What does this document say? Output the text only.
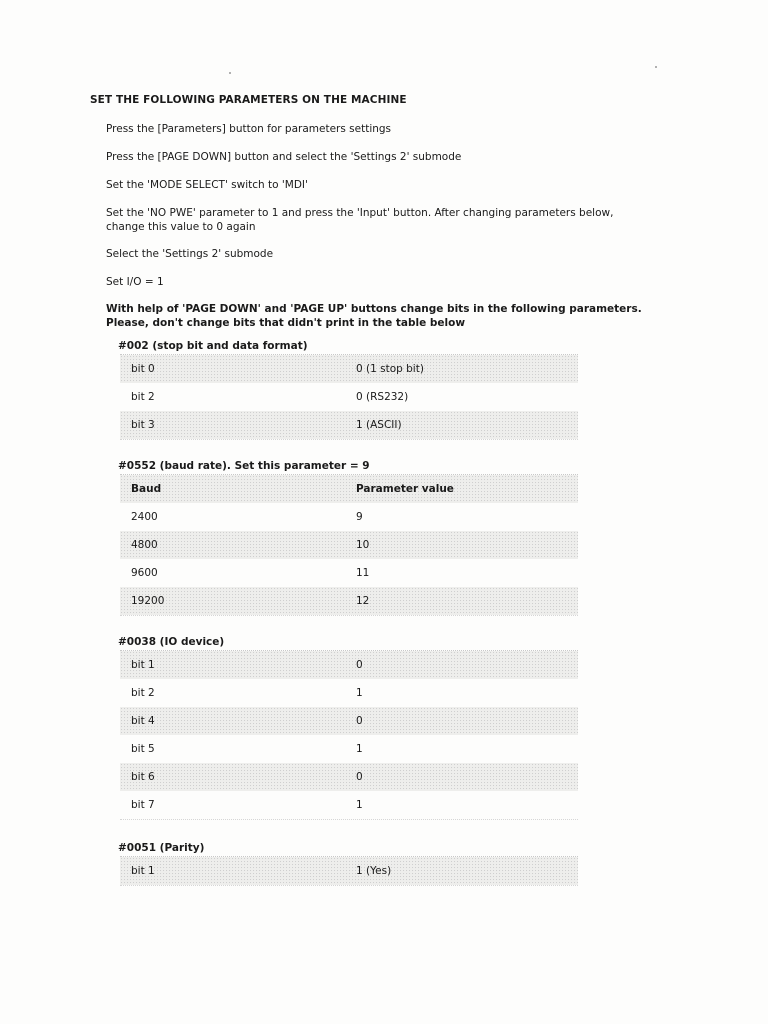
SET THE FOLLOWING PARAMETERS ON THE MACHINE
Press the [Parameters] button for parameters settings
Press the [PAGE DOWN] button and select the 'Settings 2' submode
Set the 'MODE SELECT' switch to 'MDI'
Set the 'NO PWE' parameter to 1 and press the 'Input' button. After changing parameters below, change this value to 0 again
Select the 'Settings 2' submode
Set I/O = 1
With help of 'PAGE DOWN' and 'PAGE UP' buttons change bits in the following parameters. Please, don't change bits that didn't print in the table below
#002 (stop bit and data format)
bit 0	0 (1 stop bit)
bit 2	0 (RS232)
bit 3	1 (ASCII)
#0552 (baud rate). Set this parameter = 9
Baud	Parameter value
2400	9
4800	10
9600	11
19200	12
#0038 (IO device)
bit 1	0
bit 2	1
bit 4	0
bit 5	1
bit 6	0
bit 7	1
#0051 (Parity)
bit 1	1 (Yes)
